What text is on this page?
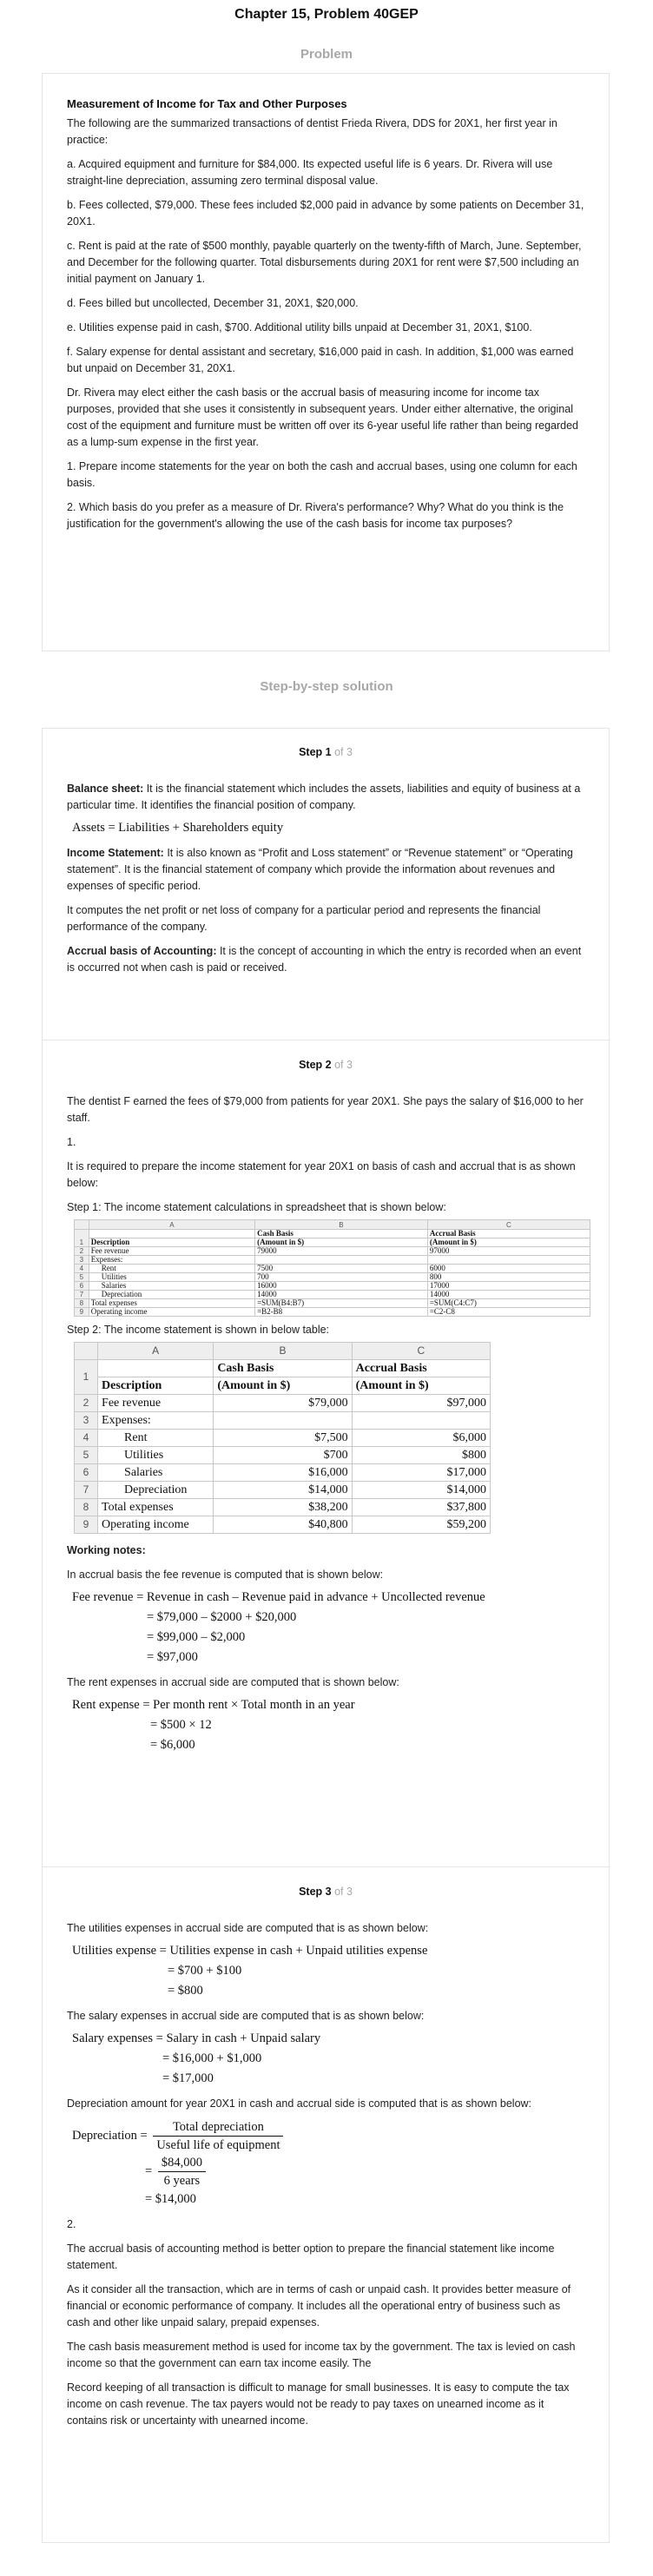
Chapter 15, Problem 40GEP
Problem
Measurement of Income for Tax and Other Purposes

The following are the summarized transactions of dentist Frieda Rivera, DDS for 20X1, her first year in practice:

a. Acquired equipment and furniture for $84,000. Its expected useful life is 6 years. Dr. Rivera will use straight-line depreciation, assuming zero terminal disposal value.

b. Fees collected, $79,000. These fees included $2,000 paid in advance by some patients on December 31, 20X1.

c. Rent is paid at the rate of $500 monthly, payable quarterly on the twenty-fifth of March, June. September, and December for the following quarter. Total disbursements during 20X1 for rent were $7,500 including an initial payment on January 1.

d. Fees billed but uncollected, December 31, 20X1, $20,000.

e. Utilities expense paid in cash, $700. Additional utility bills unpaid at December 31, 20X1, $100.

f. Salary expense for dental assistant and secretary, $16,000 paid in cash. In addition, $1,000 was earned but unpaid on December 31, 20X1.

Dr. Rivera may elect either the cash basis or the accrual basis of measuring income for income tax purposes, provided that she uses it consistently in subsequent years. Under either alternative, the original cost of the equipment and furniture must be written off over its 6-year useful life rather than being regarded as a lump-sum expense in the first year.

1. Prepare income statements for the year on both the cash and accrual bases, using one column for each basis.

2. Which basis do you prefer as a measure of Dr. Rivera's performance? Why? What do you think is the justification for the government's allowing the use of the cash basis for income tax purposes?

Step-by-step solution
Step 1 of 3

Balance sheet: It is the financial statement which includes the assets, liabilities and equity of business at a particular time. It identifies the financial position of company.

Assets = Liabilities + Shareholders equity

Income Statement: It is also known as “Profit and Loss statement” or “Revenue statement” or “Operating statement”. It is the financial statement of company which provide the information about revenues and expenses of specific period.

It computes the net profit or net loss of company for a particular period and represents the financial performance of the company.

Accrual basis of Accounting: It is the concept of accounting in which the entry is recorded when an event is occurred not when cash is paid or received.

Step 2 of 3

The dentist F earned the fees of $79,000 from patients for year 20X1. She pays the salary of $16,000 to her staff.

1.

It is required to prepare the income statement for year 20X1 on basis of cash and accrual that is as shown below:

Step 1: The income statement calculations in spreadsheet that is shown below:

	A	B	C
1		Cash Basis	Accrual Basis
	Description	(Amount in $)	(Amount in $)
2	Fee revenue	79000	97000
3	Expenses:		
4	Rent	7500	6000
5	Utilities	700	800
6	Salaries	16000	17000
7	Depreciation	14000	14000
8	Total expenses	=SUM(B4:B7)	=SUM(C4:C7)
9	Operating income	=B2-B8	=C2-C8

Step 2: The income statement is shown in below table:

	A	B	C
1		Cash Basis	Accrual Basis
	Description	(Amount in $)	(Amount in $)
2	Fee revenue	$79,000	$97,000
3	Expenses:		
4	Rent	$7,500	$6,000
5	Utilities	$700	$800
6	Salaries	$16,000	$17,000
7	Depreciation	$14,000	$14,000
8	Total expenses	$38,200	$37,800
9	Operating income	$40,800	$59,200

Working notes:

In accrual basis the fee revenue is computed that is shown below:

Fee revenue = Revenue in cash – Revenue paid in advance + Uncollected revenue
= $79,000 – $2000 + $20,000
= $99,000 – $2,000
= $97,000

The rent expenses in accrual side are computed that is shown below:

Rent expense = Per month rent × Total month in an year
= $500 × 12
= $6,000
Step 3 of 3

The utilities expenses in accrual side are computed that is as shown below:

Utilities expense = Utilities expense in cash + Unpaid utilities expense
= $700 + $100
= $800

The salary expenses in accrual side are computed that is as shown below:

Salary expenses = Salary in cash + Unpaid salary
= $16,000 + $1,000
= $17,000

Depreciation amount for year 20X1 in cash and accrual side is computed that is as shown below:

Depreciation = $\frac{\text{Total depreciation}}{\text{Useful life of equipment}}$
= $\frac{\$84,000}{\text{6 years}}$
= $14,000

2.

The accrual basis of accounting method is better option to prepare the financial statement like income statement.

As it consider all the transaction, which are in terms of cash or unpaid cash. It provides better measure of financial or economic performance of company. It includes all the operational entry of business such as cash and other like unpaid salary, prepaid expenses.

The cash basis measurement method is used for income tax by the government. The tax is levied on cash income so that the government can earn tax income easily. The

Record keeping of all transaction is difficult to manage for small businesses. It is easy to compute the tax income on cash revenue. The tax payers would not be ready to pay taxes on unearned income as it contains risk or uncertainty with unearned income.
